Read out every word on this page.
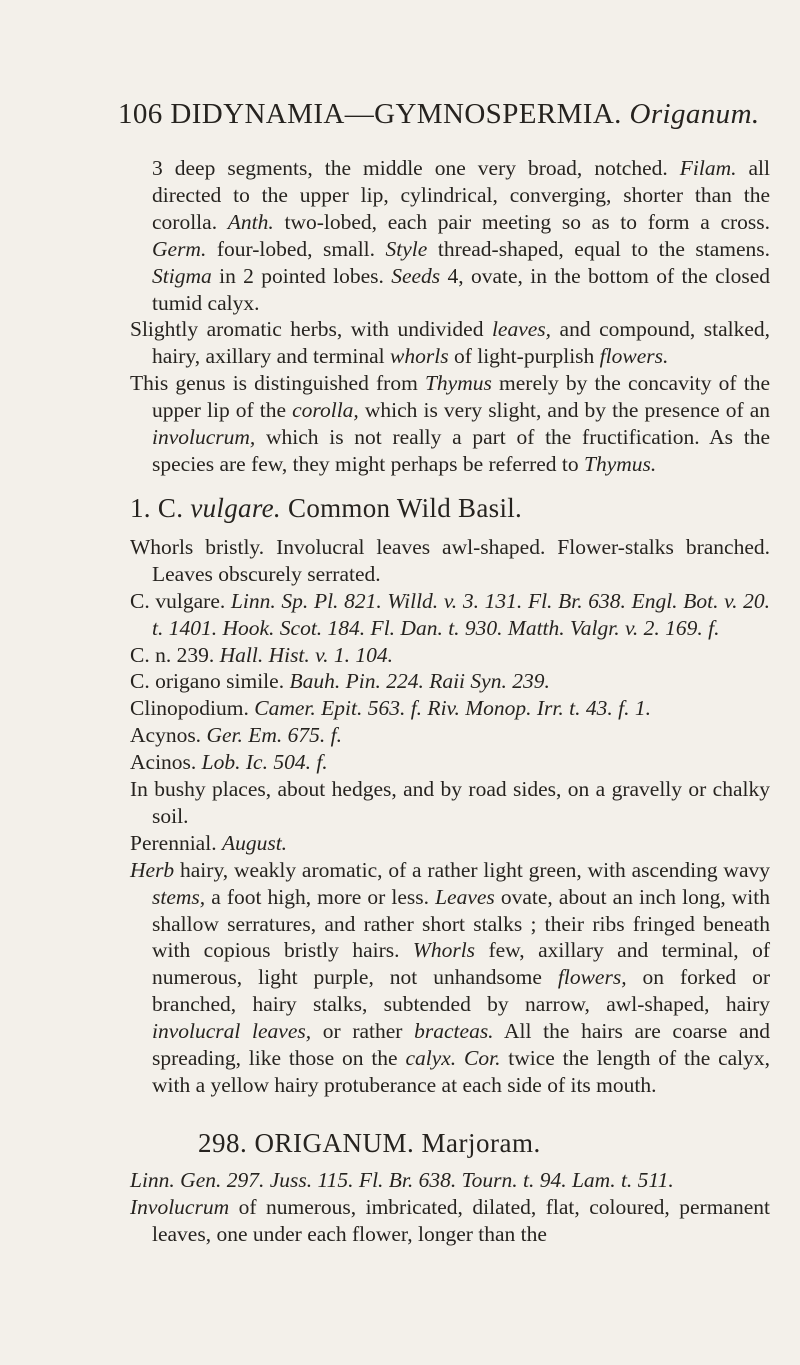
106 DIDYNAMIA—GYMNOSPERMIA. Origanum.

3 deep segments, the middle one very broad, notched. Filam. all directed to the upper lip, cylindrical, converging, shorter than the corolla. Anth. two-lobed, each pair meeting so as to form a cross. Germ. four-lobed, small. Style thread-shaped, equal to the stamens. Stigma in 2 pointed lobes. Seeds 4, ovate, in the bottom of the closed tumid calyx.

Slightly aromatic herbs, with undivided leaves, and compound, stalked, hairy, axillary and terminal whorls of light-purplish flowers.

This genus is distinguished from Thymus merely by the concavity of the upper lip of the corolla, which is very slight, and by the presence of an involucrum, which is not really a part of the fructification. As the species are few, they might perhaps be referred to Thymus.

1. C. vulgare. Common Wild Basil.

Whorls bristly. Involucral leaves awl-shaped. Flower-stalks branched. Leaves obscurely serrated.

C. vulgare. Linn. Sp. Pl. 821. Willd. v. 3. 131. Fl. Br. 638. Engl. Bot. v. 20. t. 1401. Hook. Scot. 184. Fl. Dan. t. 930. Matth. Valgr. v. 2. 169. f.

C. n. 239. Hall. Hist. v. 1. 104.

C. origano simile. Bauh. Pin. 224. Raii Syn. 239.

Clinopodium. Camer. Epit. 563. f. Riv. Monop. Irr. t. 43. f. 1.

Acynos. Ger. Em. 675. f.

Acinos. Lob. Ic. 504. f.

In bushy places, about hedges, and by road sides, on a gravelly or chalky soil.

Perennial. August.

Herb hairy, weakly aromatic, of a rather light green, with ascending wavy stems, a foot high, more or less. Leaves ovate, about an inch long, with shallow serratures, and rather short stalks ; their ribs fringed beneath with copious bristly hairs. Whorls few, axillary and terminal, of numerous, light purple, not unhandsome flowers, on forked or branched, hairy stalks, subtended by narrow, awl-shaped, hairy involucral leaves, or rather bracteas. All the hairs are coarse and spreading, like those on the calyx. Cor. twice the length of the calyx, with a yellow hairy protuberance at each side of its mouth.

298. ORIGANUM. Marjoram.

Linn. Gen. 297. Juss. 115. Fl. Br. 638. Tourn. t. 94. Lam. t. 511.

Involucrum of numerous, imbricated, dilated, flat, coloured, permanent leaves, one under each flower, longer than the
